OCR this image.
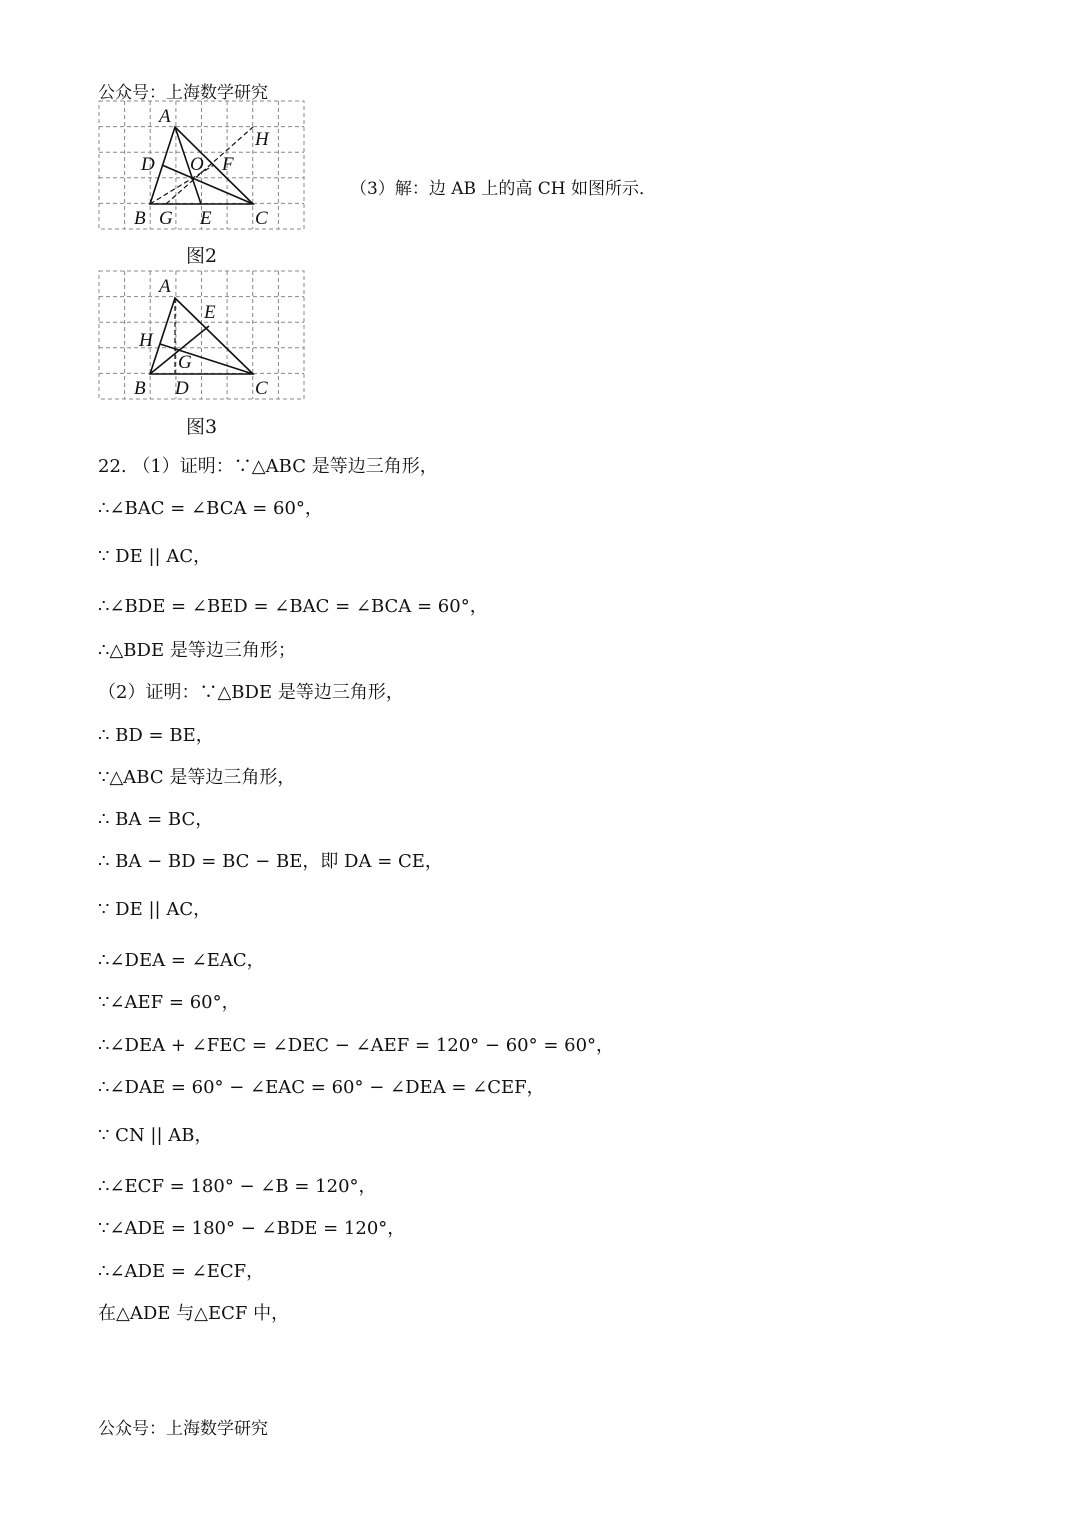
公众号：上海数学研究
A
H
D O F
B G E C
图2
（3）解：边 AB 上的高 CH 如图所示．
A
E
H
G
B D	C
图3
22. （1）证明：∵△ABC 是等边三角形，
∴∠BAC = ∠BCA = 60°，
∵ DE || AC，
∴∠BDE = ∠BED = ∠BAC = ∠BCA = 60°，
∴△BDE 是等边三角形；
（2）证明：∵△BDE 是等边三角形，
∴ BD = BE，
∵△ABC 是等边三角形，
∴ BA = BC，
∴ BA − BD = BC − BE，即 DA = CE，
∵ DE || AC，
∴∠DEA = ∠EAC，
∵∠AEF = 60°，
∴∠DEA + ∠FEC = ∠DEC − ∠AEF = 120° − 60° = 60°，
∴∠DAE = 60° − ∠EAC = 60° − ∠DEA = ∠CEF，
∵ CN || AB，
∴∠ECF = 180° − ∠B = 120°，
∵∠ADE = 180° − ∠BDE = 120°，
∴∠ADE = ∠ECF，
在△ADE 与△ECF 中，
公众号：上海数学研究
